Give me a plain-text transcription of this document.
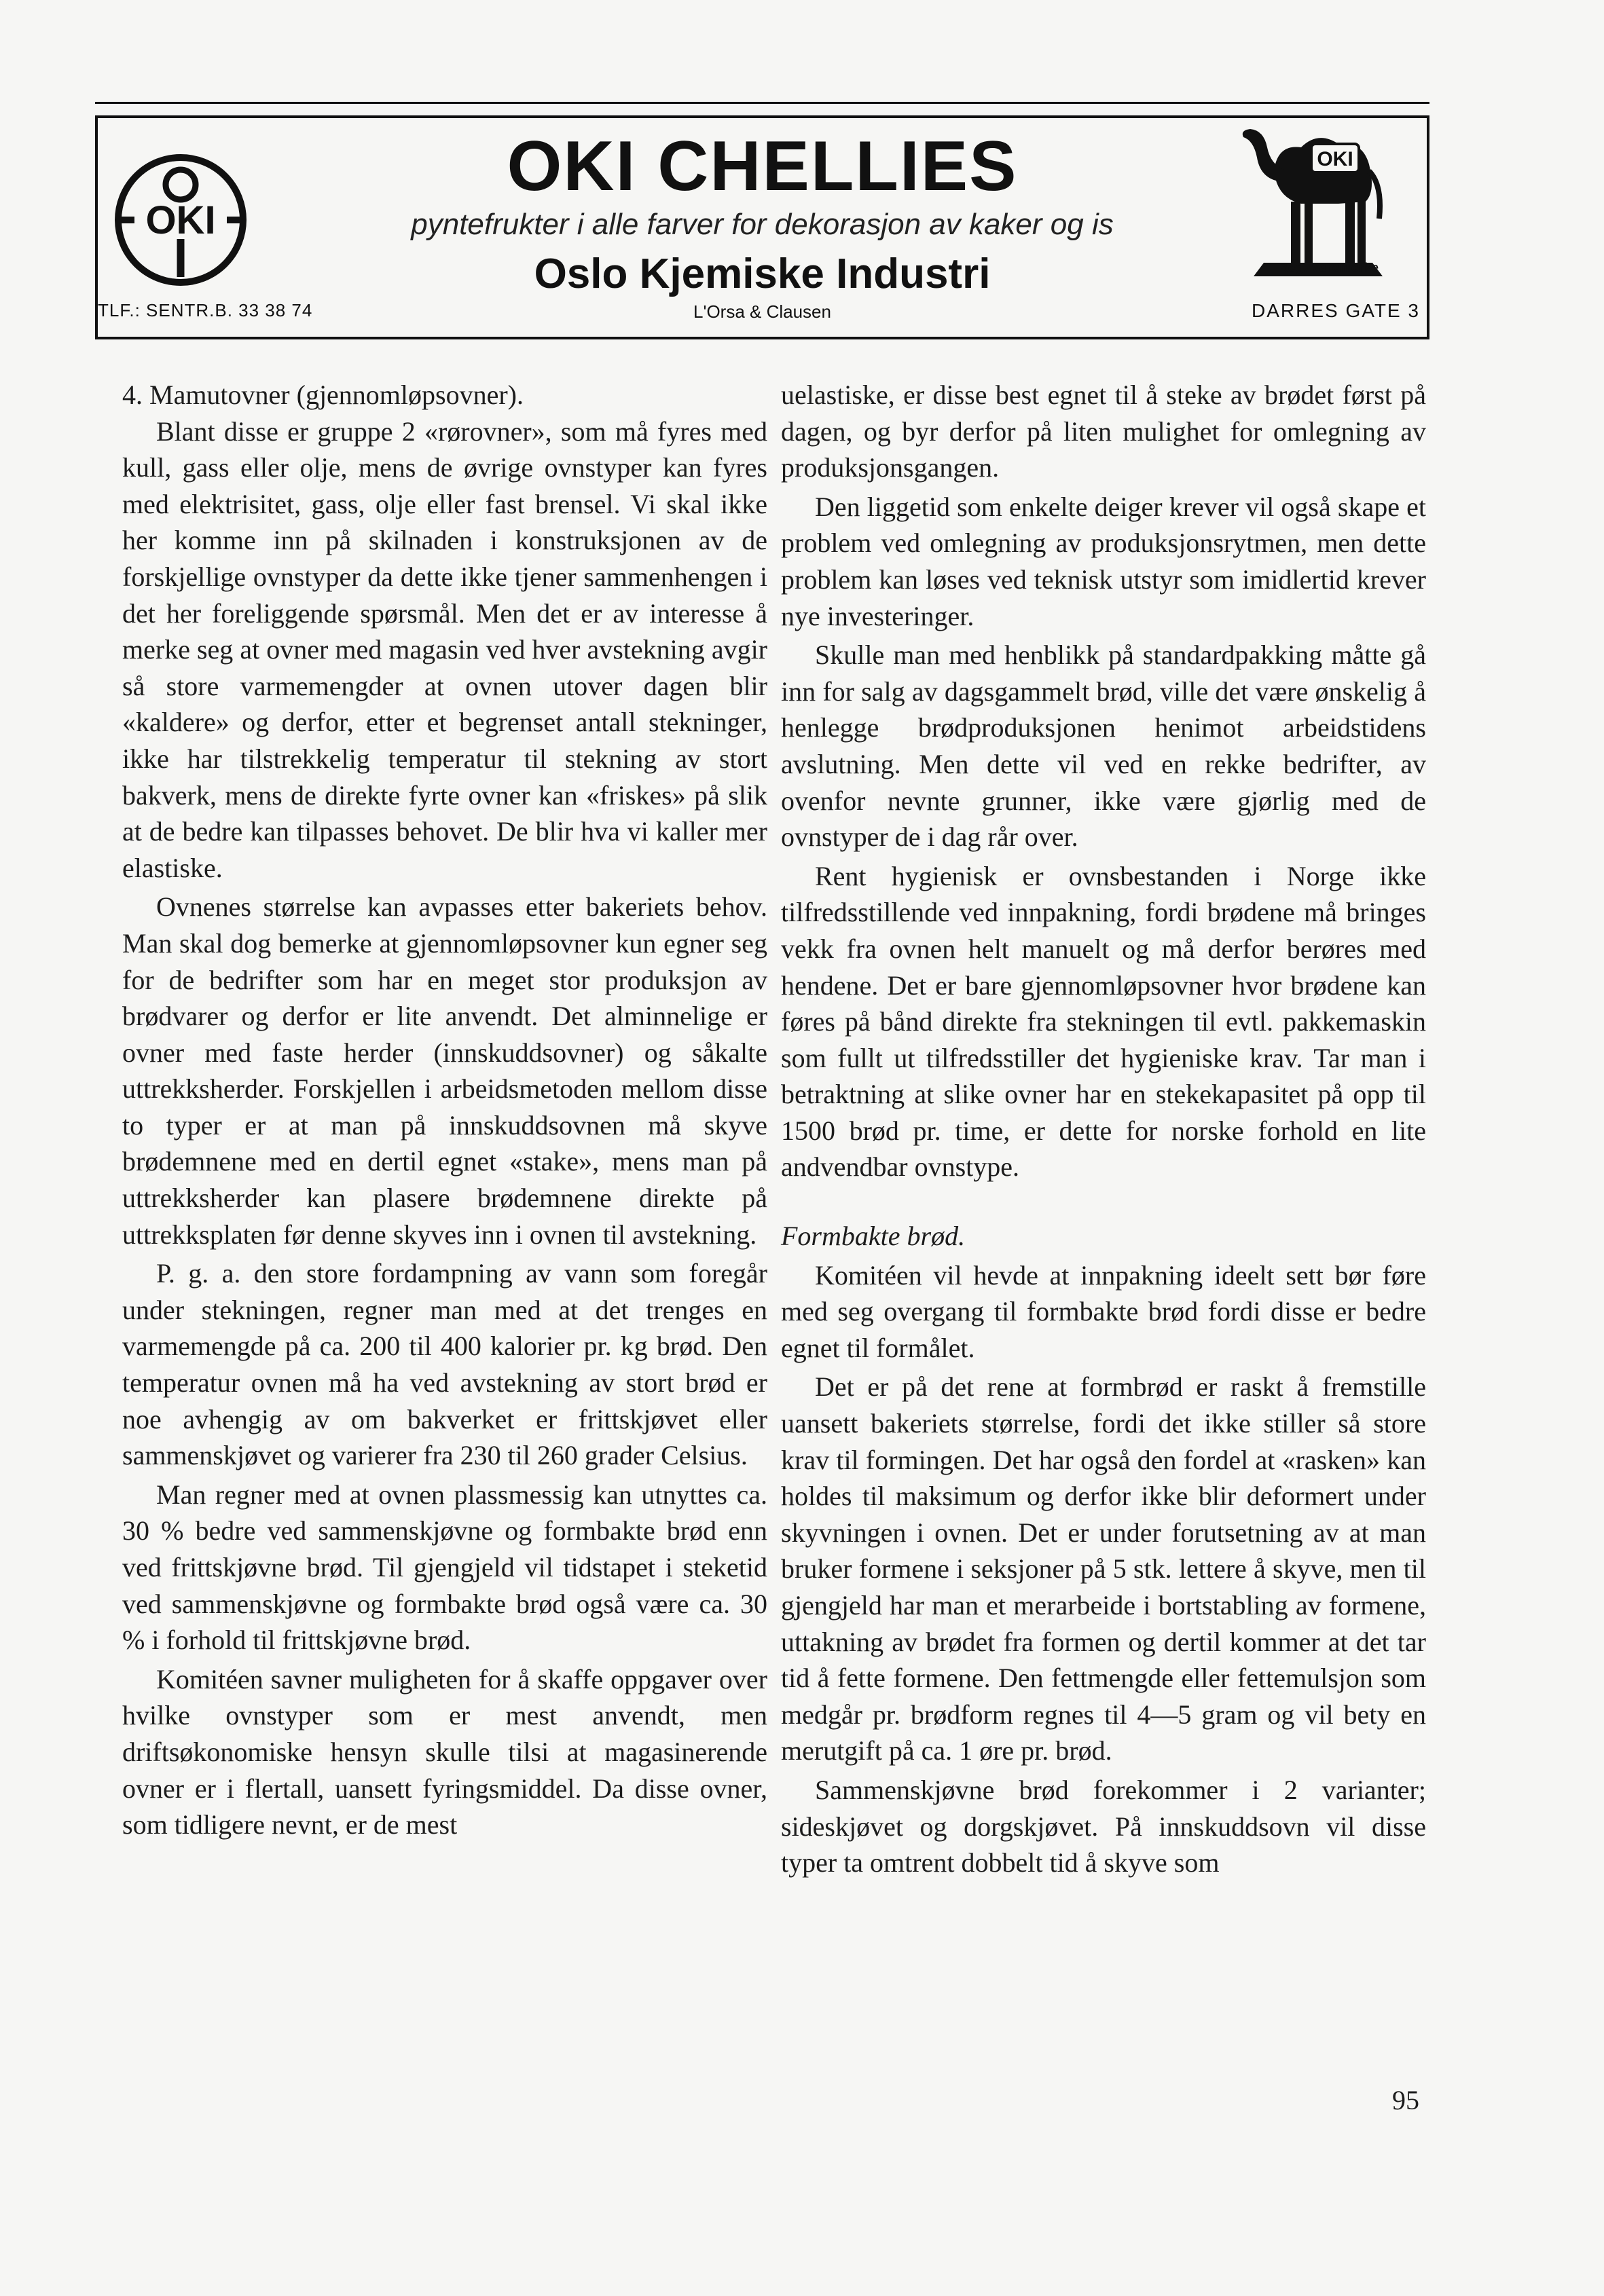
OKI
OKI CHELLIES
pyntefrukter i alle farver for dekorasjon av kaker og is
Oslo Kjemiske Industri
TLF.: SENTR.B. 33 38 74	L'Orsa & Clausen	DARRES GATE 3
OKI
Reg. varemerke

4. Mamutovner (gjennomløpsovner).

Blant disse er gruppe 2 «rørovner», som må fyres med kull, gass eller olje, mens de øvrige ovnstyper kan fyres med elektrisitet, gass, olje eller fast brensel. Vi skal ikke her komme inn på skilnaden i konstruksjonen av de forskjellige ovnstyper da dette ikke tjener sammenhengen i det her foreliggende spørsmål. Men det er av interesse å merke seg at ovner med magasin ved hver avstekning avgir så store varmemengder at ovnen utover dagen blir «kaldere» og derfor, etter et begrenset antall stekninger, ikke har tilstrekkelig temperatur til stekning av stort bakverk, mens de direkte fyrte ovner kan «friskes» på slik at de bedre kan tilpasses behovet. De blir hva vi kaller mer elastiske.

Ovnenes størrelse kan avpasses etter bakeriets behov. Man skal dog bemerke at gjennomløpsovner kun egner seg for de bedrifter som har en meget stor produksjon av brødvarer og derfor er lite anvendt. Det alminnelige er ovner med faste herder (innskuddsovner) og såkalte uttrekksherder. Forskjellen i arbeidsmetoden mellom disse to typer er at man på innskuddsovnen må skyve brødemnene med en dertil egnet «stake», mens man på uttrekksherder kan plasere brødemnene direkte på uttrekksplaten før denne skyves inn i ovnen til avstekning.

P. g. a. den store fordampning av vann som foregår under stekningen, regner man med at det trenges en varmemengde på ca. 200 til 400 kalorier pr. kg brød. Den temperatur ovnen må ha ved avstekning av stort brød er noe avhengig av om bakverket er frittskjøvet eller sammenskjøvet og varierer fra 230 til 260 grader Celsius.

Man regner med at ovnen plassmessig kan utnyttes ca. 30 % bedre ved sammenskjøvne og formbakte brød enn ved frittskjøvne brød. Til gjengjeld vil tidstapet i steketid ved sammenskjøvne og formbakte brød også være ca. 30 % i forhold til frittskjøvne brød.

Komitéen savner muligheten for å skaffe oppgaver over hvilke ovnstyper som er mest anvendt, men driftsøkonomiske hensyn skulle tilsi at magasinerende ovner er i flertall, uansett fyringsmiddel. Da disse ovner, som tidligere nevnt, er de mest

uelastiske, er disse best egnet til å steke av brødet først på dagen, og byr derfor på liten mulighet for omlegning av produksjonsgangen.

Den liggetid som enkelte deiger krever vil også skape et problem ved omlegning av produksjonsrytmen, men dette problem kan løses ved teknisk utstyr som imidlertid krever nye investeringer.

Skulle man med henblikk på standardpakking måtte gå inn for salg av dagsgammelt brød, ville det være ønskelig å henlegge brødproduksjonen henimot arbeidstidens avslutning. Men dette vil ved en rekke bedrifter, av ovenfor nevnte grunner, ikke være gjørlig med de ovnstyper de i dag rår over.

Rent hygienisk er ovnsbestanden i Norge ikke tilfredsstillende ved innpakning, fordi brødene må bringes vekk fra ovnen helt manuelt og må derfor berøres med hendene. Det er bare gjennomløpsovner hvor brødene kan føres på bånd direkte fra stekningen til evtl. pakkemaskin som fullt ut tilfredsstiller det hygieniske krav. Tar man i betraktning at slike ovner har en stekekapasitet på opp til 1500 brød pr. time, er dette for norske forhold en lite andvendbar ovnstype.

Formbakte brød.

Komitéen vil hevde at innpakning ideelt sett bør føre med seg overgang til formbakte brød fordi disse er bedre egnet til formålet.

Det er på det rene at formbrød er raskt å fremstille uansett bakeriets størrelse, fordi det ikke stiller så store krav til formingen. Det har også den fordel at «rasken» kan holdes til maksimum og derfor ikke blir deformert under skyvningen i ovnen. Det er under forutsetning av at man bruker formene i seksjoner på 5 stk. lettere å skyve, men til gjengjeld har man et merarbeide i bortstabling av formene, uttakning av brødet fra formen og dertil kommer at det tar tid å fette formene. Den fettmengde eller fettemulsjon som medgår pr. brødform regnes til 4—5 gram og vil bety en merutgift på ca. 1 øre pr. brød.

Sammenskjøvne brød forekommer i 2 varianter; sideskjøvet og dorgskjøvet. På innskuddsovn vil disse typer ta omtrent dobbelt tid å skyve som

95
